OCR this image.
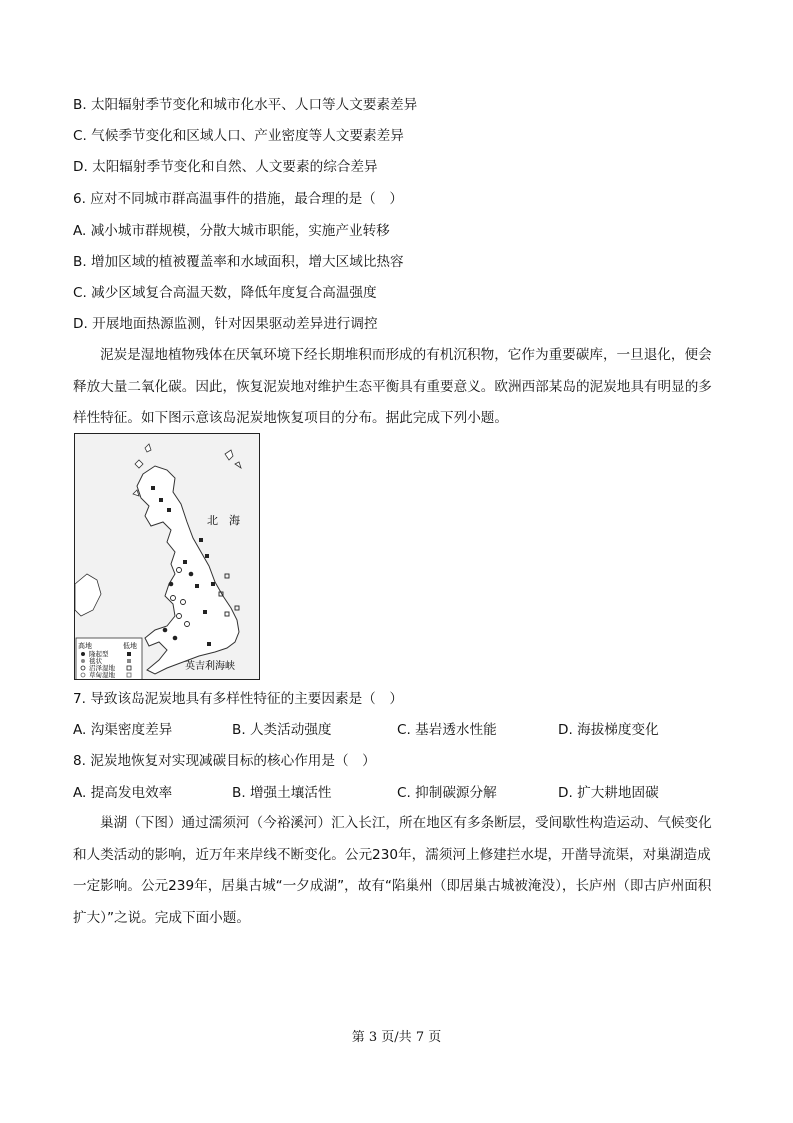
B. 太阳辐射季节变化和城市化水平、人口等人文要素差异
C. 气候季节变化和区域人口、产业密度等人文要素差异
D. 太阳辐射季节变化和自然、人文要素的综合差异
6. 应对不同城市群高温事件的措施，最合理的是（　）
A. 减小城市群规模，分散大城市职能，实施产业转移
B. 增加区域的植被覆盖率和水域面积，增大区域比热容
C. 减少区域复合高温天数，降低年度复合高温强度
D. 开展地面热源监测，针对因果驱动差异进行调控

泥炭是湿地植物残体在厌氧环境下经长期堆积而形成的有机沉积物，它作为重要碳库，一旦退化，便会释放大量二氧化碳。因此，恢复泥炭地对维护生态平衡具有重要意义。欧洲西部某岛的泥炭地具有明显的多样性特征。如下图示意该岛泥炭地恢复项目的分布。据此完成下列小题。

北　海
英吉利海峡
高地	低地
隆起型
毯状
沼泽湿地
草甸湿地
7. 导致该岛泥炭地具有多样性特征的主要因素是（　）
A. 沟渠密度差异	B. 人类活动强度	C. 基岩透水性能	D. 海拔梯度变化
8. 泥炭地恢复对实现减碳目标的核心作用是（　）
A. 提高发电效率	B. 增强土壤活性	C. 抑制碳源分解	D. 扩大耕地固碳

巢湖（下图）通过濡须河（今裕溪河）汇入长江，所在地区有多条断层，受间歇性构造运动、气候变化和人类活动的影响，近万年来岸线不断变化。公元230年，濡须河上修建拦水堤，开凿导流渠，对巢湖造成一定影响。公元239年，居巢古城“一夕成湖”，故有“陷巢州（即居巢古城被淹没），长庐州（即古庐州面积扩大）”之说。完成下面小题。

第 3 页/共 7 页
